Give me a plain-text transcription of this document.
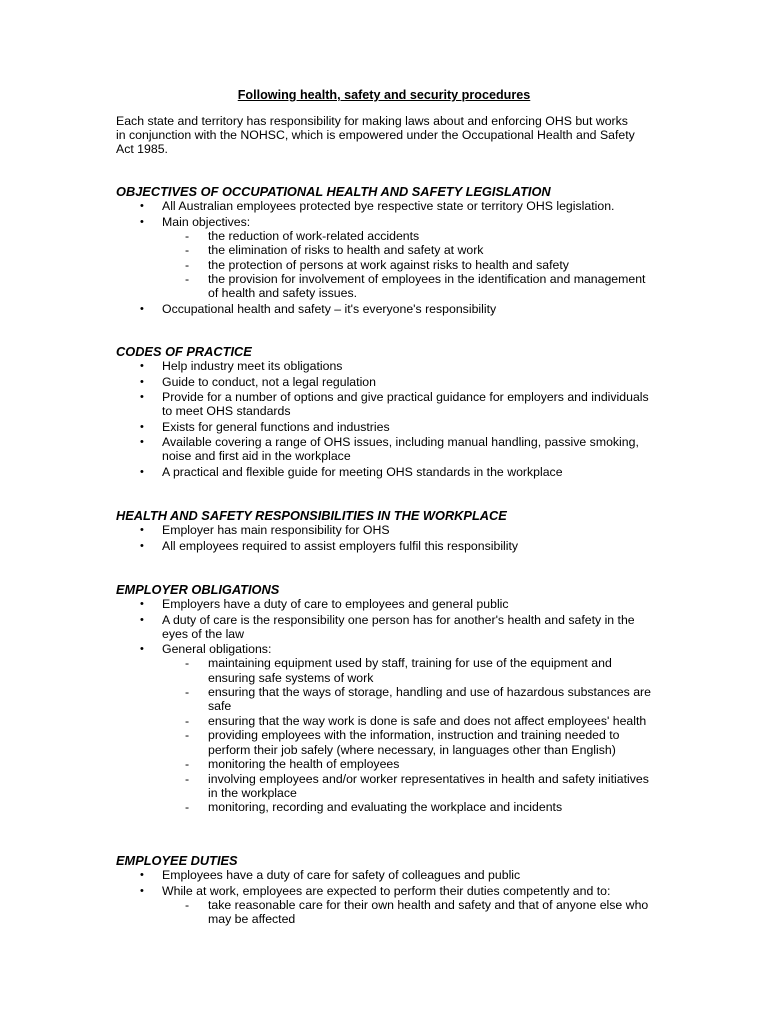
Following health, safety and security procedures
Each state and territory has responsibility for making laws about and enforcing OHS but works in conjunction with the NOHSC, which is empowered under the Occupational Health and Safety Act 1985.
OBJECTIVES OF OCCUPATIONAL HEALTH AND SAFETY LEGISLATION
• All Australian employees protected bye respective state or territory OHS legislation.
• Main objectives:
- the reduction of work-related accidents
- the elimination of risks to health and safety at work
- the protection of persons at work against risks to health and safety
- the provision for involvement of employees in the identification and management of health and safety issues.
• Occupational health and safety – it's everyone's responsibility
CODES OF PRACTICE
• Help industry meet its obligations
• Guide to conduct, not a legal regulation
• Provide for a number of options and give practical guidance for employers and individuals to meet OHS standards
• Exists for general functions and industries
• Available covering a range of OHS issues, including manual handling, passive smoking, noise and first aid in the workplace
• A practical and flexible guide for meeting OHS standards in the workplace
HEALTH AND SAFETY RESPONSIBILITIES IN THE WORKPLACE
• Employer has main responsibility for OHS
• All employees required to assist employers fulfil this responsibility
EMPLOYER OBLIGATIONS
• Employers have a duty of care to employees and general public
• A duty of care is the responsibility one person has for another's health and safety in the eyes of the law
• General obligations:
- maintaining equipment used by staff, training for use of the equipment and ensuring safe systems of work
- ensuring that the ways of storage, handling and use of hazardous substances are safe
- ensuring that the way work is done is safe and does not affect employees' health
- providing employees with the information, instruction and training needed to perform their job safely (where necessary, in languages other than English)
- monitoring the health of employees
- involving employees and/or worker representatives in health and safety initiatives in the workplace
- monitoring, recording and evaluating the workplace and incidents
EMPLOYEE DUTIES
• Employees have a duty of care for safety of colleagues and public
• While at work, employees are expected to perform their duties competently and to:
- take reasonable care for their own health and safety and that of anyone else who may be affected
